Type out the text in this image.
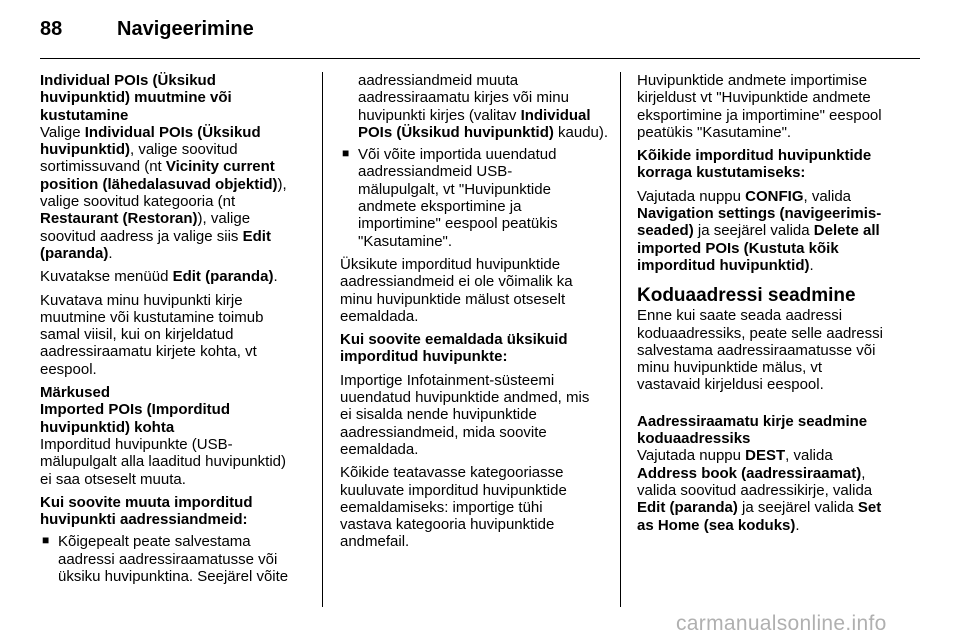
88	Navigeerimine

Individual POIs (Üksikud
huvipunktid) muutmine või
kustutamine

Valige Individual POIs (Üksikud
huvipunktid), valige soovitud
sortimissuvand (nt Vicinity current
position (lähedalasuvad objektid)),
valige soovitud kategooria (nt
Restaurant (Restoran)), valige
soovitud aadress ja valige siis Edit
(paranda).

Kuvatakse menüüd Edit (paranda).

Kuvatava minu huvipunkti kirje
muutmine või kustutamine toimub
samal viisil, kui on kirjeldatud
aadressiraamatu kirjete kohta, vt
eespool.

Märkused

Imported POIs (Imporditud
huvipunktid) kohta

Imporditud huvipunkte (USB-
mälupulgalt alla laaditud huvipunktid)
ei saa otseselt muuta.

Kui soovite muuta imporditud
huvipunkti aadressiandmeid:

■ Kõigepealt peate salvestama
aadressi aadressiraamatusse või
üksiku huvipunktina. Seejärel võite

aadressiandmeid muuta
aadressiraamatu kirjes või minu
huvipunkti kirjes (valitav Individual
POIs (Üksikud huvipunktid) kaudu).

■ Või võite importida uuendatud
aadressiandmeid USB-
mälupulgalt, vt "Huvipunktide
andmete eksportimine ja
importimine" eespool peatükis
"Kasutamine".

Üksikute imporditud huvipunktide
aadressiandmeid ei ole võimalik ka
minu huvipunktide mälust otseselt
eemaldada.

Kui soovite eemaldada üksikuid
imporditud huvipunkte:

Importige Infotainment-süsteemi
uuendatud huvipunktide andmed, mis
ei sisalda nende huvipunktide
aadressiandmeid, mida soovite
eemaldada.

Kõikide teatavasse kategooriasse
kuuluvate imporditud huvipunktide
eemaldamiseks: importige tühi
vastava kategooria huvipunktide
andmefail.

Huvipunktide andmete importimise
kirjeldust vt "Huvipunktide andmete
eksportimine ja importimine" eespool
peatükis "Kasutamine".

Kõikide imporditud huvipunktide
korraga kustutamiseks:

Vajutada nuppu CONFIG, valida
Navigation settings (navigeerimis-
seaded) ja seejärel valida Delete all
imported POIs (Kustuta kõik
imporditud huvipunktid).

Koduaadressi seadmine

Enne kui saate seada aadressi
koduaadressiks, peate selle aadressi
salvestama aadressiraamatusse või
minu huvipunktide mälus, vt
vastavaid kirjeldusi eespool.

Aadressiraamatu kirje seadmine
koduaadressiks

Vajutada nuppu DEST, valida
Address book (aadressiraamat),
valida soovitud aadressikirje, valida
Edit (paranda) ja seejärel valida Set
as Home (sea koduks).

carmanualsonline.info
